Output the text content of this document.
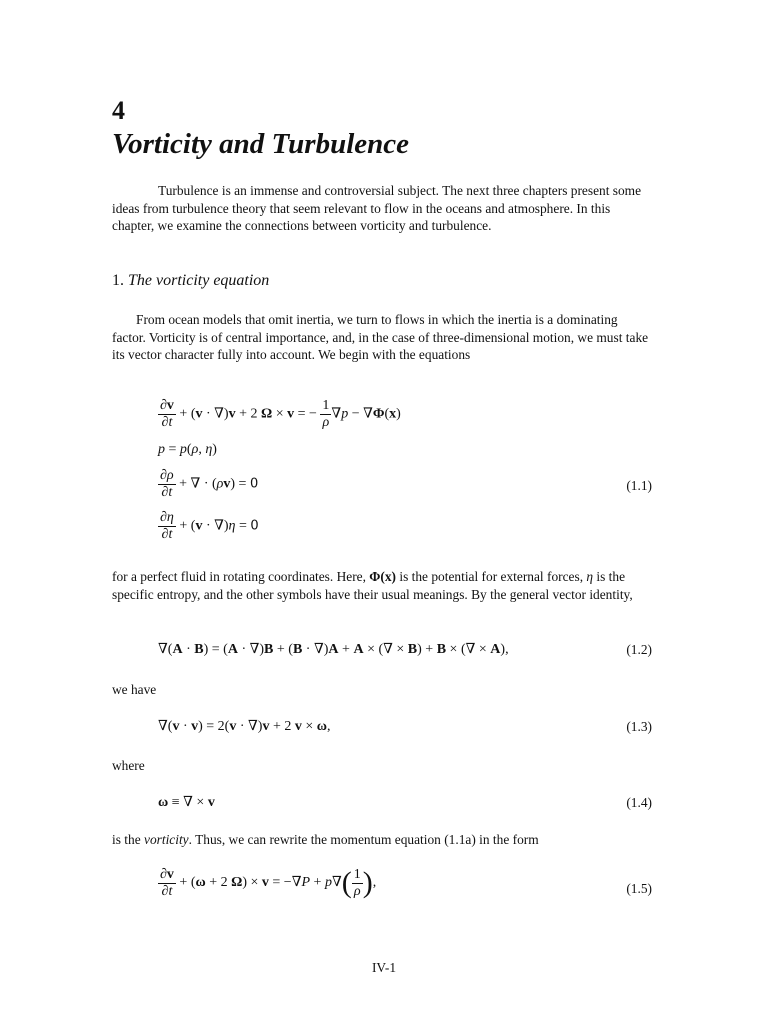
4
Vorticity and Turbulence

Turbulence is an immense and controversial subject. The next three chapters present some ideas from turbulence theory that seem relevant to flow in the oceans and atmosphere. In this chapter, we examine the connections between vorticity and turbulence.

1. The vorticity equation

From ocean models that omit inertia, we turn to flows in which the inertia is a dominating factor. Vorticity is of central importance, and, in the case of three-dimensional motion, we must take its vector character fully into account. We begin with the equations

$\frac{\partial v}{\partial t} + (v \cdot \nabla)v + 2$ Ω × v = − $\frac{1}{\rho} \nabla p - \nabla\Phi(x)$
p = p(ρ, η)
$\frac{\partial\rho}{\partial t}$ + ∇ · (ρv) = 0	(1.1)
$\frac{\partial\eta}{\partial t} + (v \cdot \nabla)\eta = 0$

for a perfect fluid in rotating coordinates. Here, Φ(x) is the potential for external forces, η is the specific entropy, and the other symbols have their usual meanings. By the general vector identity,

∇(A · B) = (A · ∇)B + (B · ∇)A + A × (∇ × B) + B × (∇ × A),	(1.2)

we have

∇(v · v) = 2(v · ∇)v + 2 v × ω,	(1.3)

where

ω ≡ ∇ × v	(1.4)

is the vorticity. Thus, we can rewrite the momentum equation (1.1a) in the form

$\frac{\partial v}{\partial t} + (\omega + 2$ $\Omega) \times v = -\nabla P + p\nabla( \frac{1}{\rho}$ ),	(1.5)
IV-1
